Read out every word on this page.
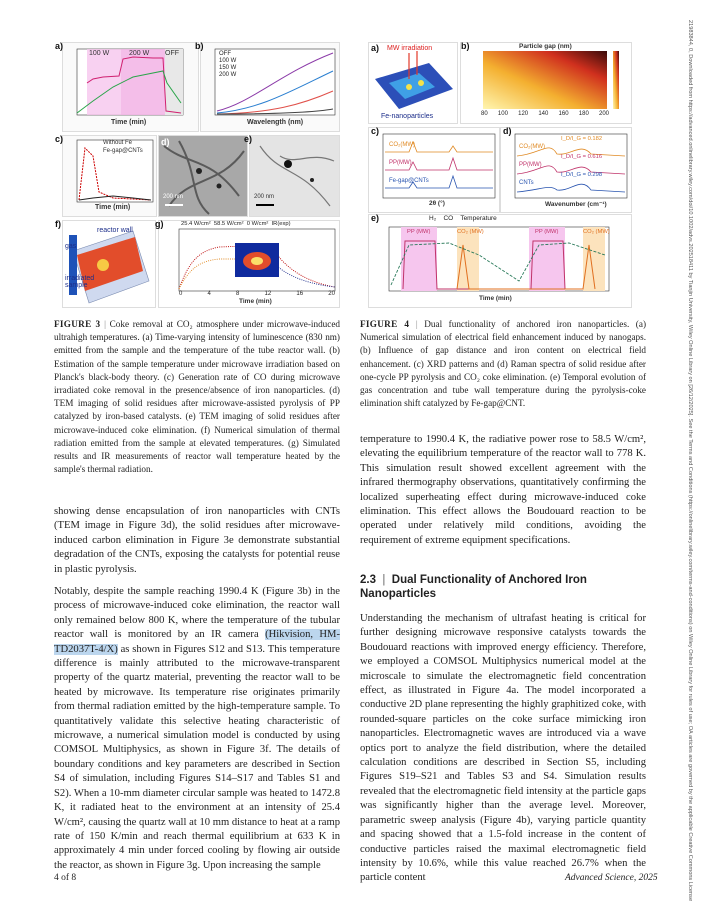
a)
100 W	200 W OFF
Time (min)
b)
Wavelength (nm)
OFF
100 W
150 W
200 W
c)	Without Fe
Fe-gap@CNTs
Time (min)
d)
200 nm
e)
200 nm
f)
reactor wall
gas
irradiated sample
g)	25.4 W/cm² 58.5 W/cm² 0 W/cm² IR(exp)
0	4	8	12	16	20
Time (min)
FIGURE 3 | Coke removal at CO₂ atmosphere under microwave-induced ultrahigh temperatures. (a) Time-varying intensity of luminescence (830 nm) emitted from the sample and the temperature of the tube reactor wall. (b) Estimation of the sample temperature under microwave irradiation based on Planck's black-body theory. (c) Generation rate of CO during microwave irradiated coke removal in the presence/absence of iron nanoparticles. (d) TEM imaging of solid residues after microwave-assisted pyrolysis of PP catalyzed by iron-based catalysts. (e) TEM imaging of solid residues after microwave-induced coke elimination. (f) Numerical simulation of thermal radiation emitted from the sample at elevated temperatures. (g) Simulated results and IR measurements of reactor wall temperature heated by the sample's thermal radiation.
a) MW irradiation
Fe-nanoparticles
b)	Particle gap (nm)
80 100 120 140 160 180 200
c)
CO₂(MW)
PP(MW)
Fe-gap@CNTs
2θ (°)
d)
CO₂(MW)
PP(MW)
CNTs
I_D/I_G = 0.182
I_D/I_G = 0.616
I_D/I_G = 0.298
Wavenumber (cm⁻¹)
e)	H₂ CO Temperature
PP (MW)	CO₂ (MW)	PP (MW)	CO₂ (MW)
Time (min)
FIGURE 4 | Dual functionality of anchored iron nanoparticles. (a) Numerical simulation of electrical field enhancement induced by nanogaps. (b) Influence of gap distance and iron content on electrical field enhancement. (c) XRD patterns and (d) Raman spectra of solid residue after one-cycle PP pyrolysis and CO₂ coke elimination. (e) Temporal evolution of gas concentration and tube wall temperature during the pyrolysis-coke elimination shift catalyzed by Fe-gap@CNT.
showing dense encapsulation of iron nanoparticles with CNTs (TEM image in Figure 3d), the solid residues after microwave-induced carbon elimination in Figure 3e demonstrate substantial degradation of the CNTs, exposing the catalysts for potential reuse in plastic pyrolysis.
Notably, despite the sample reaching 1990.4 K (Figure 3b) in the process of microwave-induced coke elimination, the reactor wall only remained below 800 K, where the temperature of the tubular reactor wall is monitored by an IR camera (Hikvision, HM-TD2037T-4/X) as shown in Figures S12 and S13. This temperature difference is mainly attributed to the microwave-transparent property of the quartz material, preventing the reactor wall to be heated by microwave. Its temperature rise originates primarily from thermal radiation emitted by the high-temperature sample. To quantitatively validate this selective heating characteristic of microwave, a numerical simulation model is conducted by using COMSOL Multiphysics, as shown in Figure 3f. The details of boundary conditions and key parameters are described in Section S4 of simulation, including Figures S14–S17 and Tables S1 and S2). When a 10-mm diameter circular sample was heated to 1472.8 K, it radiated heat to the environment at an intensity of 25.4 W/cm², causing the quartz wall at 10 mm distance to heat at a ramp rate of 150 K/min and reach thermal equilibrium at 633 K in approximately 4 min under forced cooling by flowing air outside the reactor, as shown in Figure 3g. Upon increasing the sample
temperature to 1990.4 K, the radiative power rose to 58.5 W/cm², elevating the equilibrium temperature of the reactor wall to 778 K. This simulation result showed excellent agreement with the infrared thermography observations, quantitatively confirming the localized superheating effect during microwave-induced coke elimination. This effect allows the Boudouard reaction to be operated under relatively mild conditions, avoiding the requirement of extreme equipment specifications.
2.3  |  Dual Functionality of Anchored Iron Nanoparticles
Understanding the mechanism of ultrafast heating is critical for further designing microwave responsive catalysts towards the Boudouard reactions with improved energy efficiency. Therefore, we employed a COMSOL Multiphysics numerical model at the microscale to simulate the electromagnetic field concentration effect, as illustrated in Figure 4a. The model incorporated a conductive 2D plane representing the highly graphitized coke, with rounded-square particles on the coke surface mimicking iron nanoparticles. Electromagnetic waves are introduced via a wave optics port to analyze the field distribution, where the detailed calculation conditions are described in Section S5, including Figures S19–S21 and Tables S3 and S4. Simulation results revealed that the electromagnetic field intensity at the particle gaps was significantly higher than the average level. Moreover, parametric sweep analysis (Figure 4b), varying particle quantity and spacing showed that a 1.5-fold increase in the content of conductive particles raised the maximal electromagnetic field intensity by 10.6%, while this value reached 26.7% when the particle content
4 of 8	Advanced Science, 2025	21983844, 0, Downloaded from https://advanced.onlinelibrary.wiley.com/doi/10.1002/advs.202518411 by Tianjin University, Wiley Online Library on [26/12/2025]. See the Terms and Conditions (https://onlinelibrary.wiley.com/terms-and-conditions) on Wiley Online Library for rules of use; OA articles are governed by the applicable Creative Commons License
